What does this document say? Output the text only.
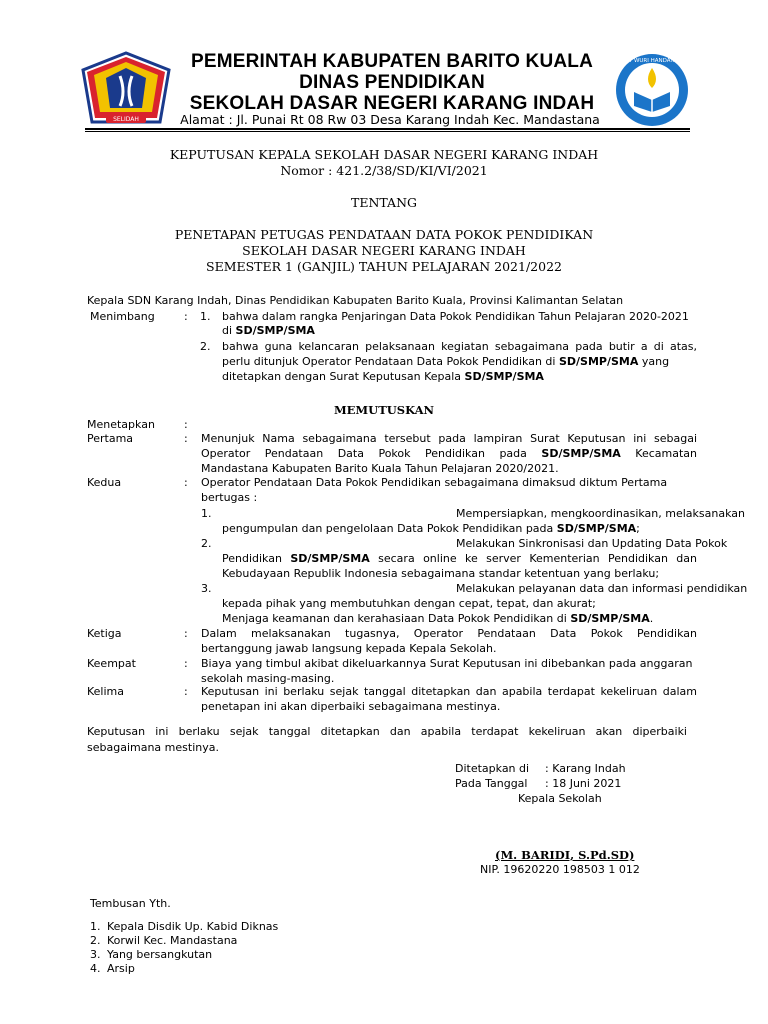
SELIDAH
TUT WURI HANDAYANI
PEMERINTAH KABUPATEN BARITO KUALA
DINAS PENDIDIKAN
SEKOLAH DASAR NEGERI KARANG INDAH
Alamat : Jl. Punai Rt 08 Rw 03 Desa Karang Indah Kec. Mandastana
KEPUTUSAN KEPALA SEKOLAH DASAR NEGERI KARANG INDAH
Nomor : 421.2/38/SD/KI/VI/2021
TENTANG
PENETAPAN PETUGAS PENDATAAN DATA POKOK PENDIDIKAN
SEKOLAH DASAR NEGERI KARANG INDAH
SEMESTER 1 (GANJIL) TAHUN PELAJARAN 2021/2022
Kepala SDN Karang Indah, Dinas Pendidikan Kabupaten Barito Kuala, Provinsi Kalimantan Selatan
Menimbang	: 1. bahwa dalam rangka Penjaringan Data Pokok Pendidikan Tahun Pelajaran 2020-2021
di SD/SMP/SMA
2. bahwa guna kelancaran pelaksanaan kegiatan sebagaimana pada butir a di atas,
perlu ditunjuk Operator Pendataan Data Pokok Pendidikan di SD/SMP/SMA yang
ditetapkan dengan Surat Keputusan Kepala SD/SMP/SMA
MEMUTUSKAN
Menetapkan	:
Pertama	: Menunjuk Nama sebagaimana tersebut pada lampiran Surat Keputusan ini sebagai
Operator Pendataan Data Pokok Pendidikan pada SD/SMP/SMA Kecamatan
Mandastana Kabupaten Barito Kuala Tahun Pelajaran 2020/2021.
Kedua	: Operator Pendataan Data Pokok Pendidikan sebagaimana dimaksud diktum Pertama
bertugas :
1.	Mempersiapkan, mengkoordinasikan, melaksanakan
pengumpulan dan pengelolaan Data Pokok Pendidikan pada SD/SMP/SMA;
2.	Melakukan Sinkronisasi dan Updating Data Pokok
Pendidikan SD/SMP/SMA secara online ke server Kementerian Pendidikan dan
Kebudayaan Republik Indonesia sebagaimana standar ketentuan yang berlaku;
3.	Melakukan pelayanan data dan informasi pendidikan
kepada pihak yang membutuhkan dengan cepat, tepat, dan akurat;
Menjaga keamanan dan kerahasiaan Data Pokok Pendidikan di SD/SMP/SMA.
Ketiga	: Dalam melaksanakan tugasnya, Operator Pendataan Data Pokok Pendidikan
bertanggung jawab langsung kepada Kepala Sekolah.
Keempat	: Biaya yang timbul akibat dikeluarkannya Surat Keputusan ini dibebankan pada anggaran
sekolah masing-masing.
Kelima	: Keputusan ini berlaku sejak tanggal ditetapkan dan apabila terdapat kekeliruan dalam
penetapan ini akan diperbaiki sebagaimana mestinya.
Keputusan ini berlaku sejak tanggal ditetapkan dan apabila terdapat kekeliruan akan diperbaiki
sebagaimana mestinya.
Ditetapkan di : Karang Indah
Pada Tanggal : 18 Juni 2021
Kepala Sekolah
(M. BARIDI, S.Pd.SD)
NIP. 19620220 198503 1 012
Tembusan Yth.
1. Kepala Disdik Up. Kabid Diknas
2. Korwil Kec. Mandastana
3. Yang bersangkutan
4. Arsip
